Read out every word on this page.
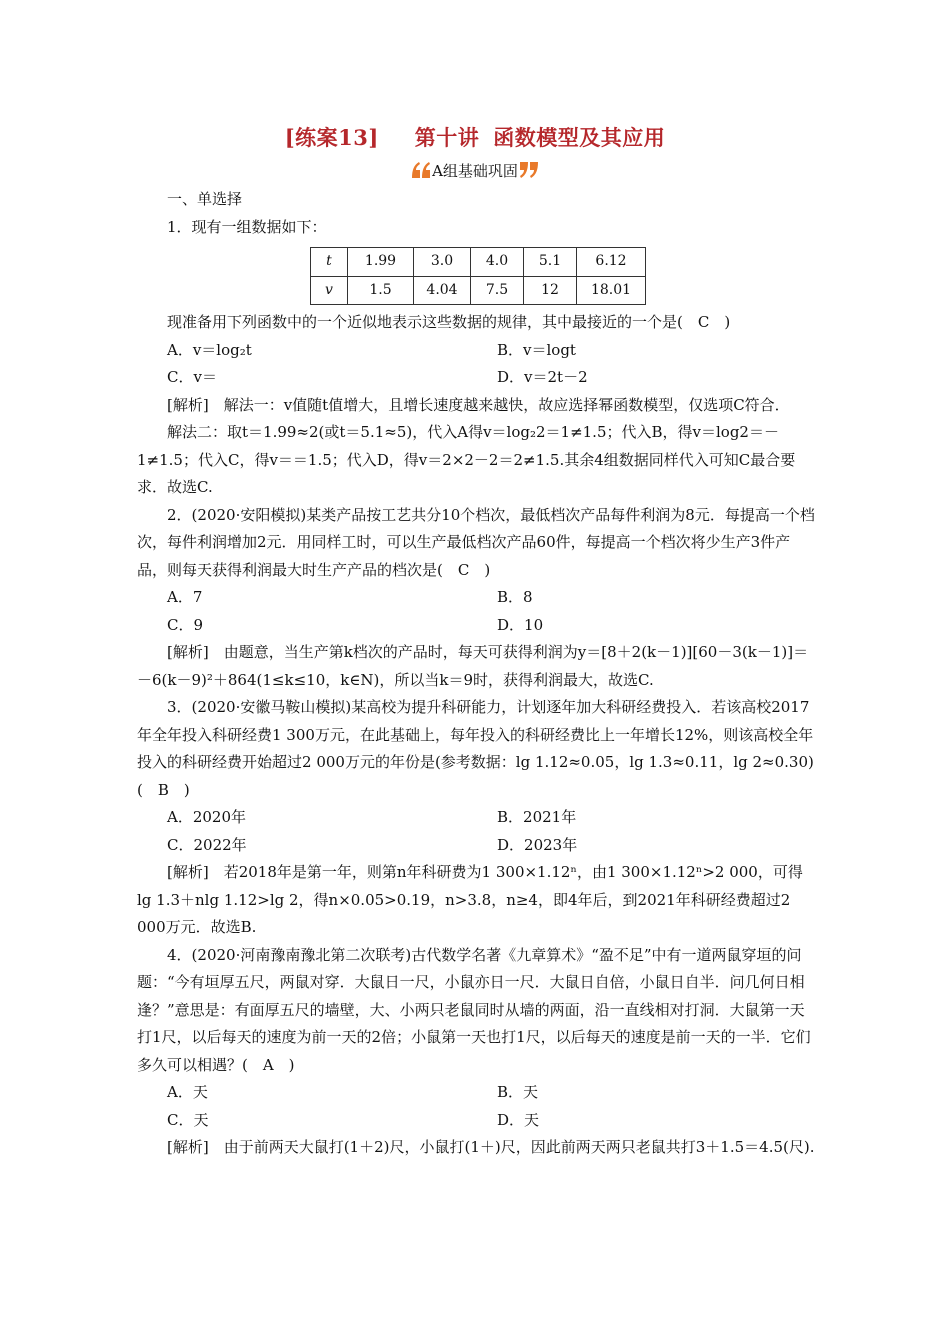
[练案13] 第十讲 函数模型及其应用
A组基础巩固

一、单选择

1．现有一组数据如下：

t	1.99	3.0	4.0	5.1	6.12
v	1.5	4.04	7.5	12	18.01

现准备用下列函数中的一个近似地表示这些数据的规律，其中最接近的一个是(　C　)

A．v＝log₂t	B．v＝logt
C．v＝	D．v＝2t－2

[解析]　解法一：v值随t值增大，且增长速度越来越快，故应选择幂函数模型，仅选项C符合．

解法二：取t＝1.99≈2(或t＝5.1≈5)，代入A得v＝log₂2＝1≠1.5；代入B，得v＝log2＝－1≠1.5；代入C，得v＝＝1.5；代入D，得v＝2×2－2＝2≠1.5.其余4组数据同样代入可知C最合要求．故选C.

2．(2020·安阳模拟)某类产品按工艺共分10个档次，最低档次产品每件利润为8元．每提高一个档次，每件利润增加2元．用同样工时，可以生产最低档次产品60件，每提高一个档次将少生产3件产品，则每天获得利润最大时生产产品的档次是(　C　)

A．7	B．8
C．9	D．10

[解析]　由题意，当生产第k档次的产品时，每天可获得利润为y＝[8＋2(k－1)][60－3(k－1)]＝－6(k－9)²＋864(1≤k≤10，k∈N)，所以当k＝9时，获得利润最大，故选C.

3．(2020·安徽马鞍山模拟)某高校为提升科研能力，计划逐年加大科研经费投入．若该高校2017年全年投入科研经费1 300万元，在此基础上，每年投入的科研经费比上一年增长12%，则该高校全年投入的科研经费开始超过2 000万元的年份是(参考数据：lg 1.12≈0.05，lg 1.3≈0.11，lg 2≈0.30)(　B　)

A．2020年	B．2021年
C．2022年	D．2023年

[解析]　若2018年是第一年，则第n年科研费为1 300×1.12ⁿ，由1 300×1.12ⁿ>2 000，可得lg 1.3＋nlg 1.12>lg 2，得n×0.05>0.19，n>3.8，n≥4，即4年后，到2021年科研经费超过2 000万元．故选B.

4．(2020·河南豫南豫北第二次联考)古代数学名著《九章算术》“盈不足”中有一道两鼠穿垣的问题：“今有垣厚五尺，两鼠对穿．大鼠日一尺，小鼠亦日一尺．大鼠日自倍，小鼠日自半．问几何日相逢？”意思是：有面厚五尺的墙壁，大、小两只老鼠同时从墙的两面，沿一直线相对打洞．大鼠第一天打1尺，以后每天的速度为前一天的2倍；小鼠第一天也打1尺，以后每天的速度是前一天的一半．它们多久可以相遇？(　A　)

A．天	B．天
C．天	D．天

[解析]　由于前两天大鼠打(1＋2)尺，小鼠打(1＋)尺，因此前两天两只老鼠共打3＋1.5＝4.5(尺).
